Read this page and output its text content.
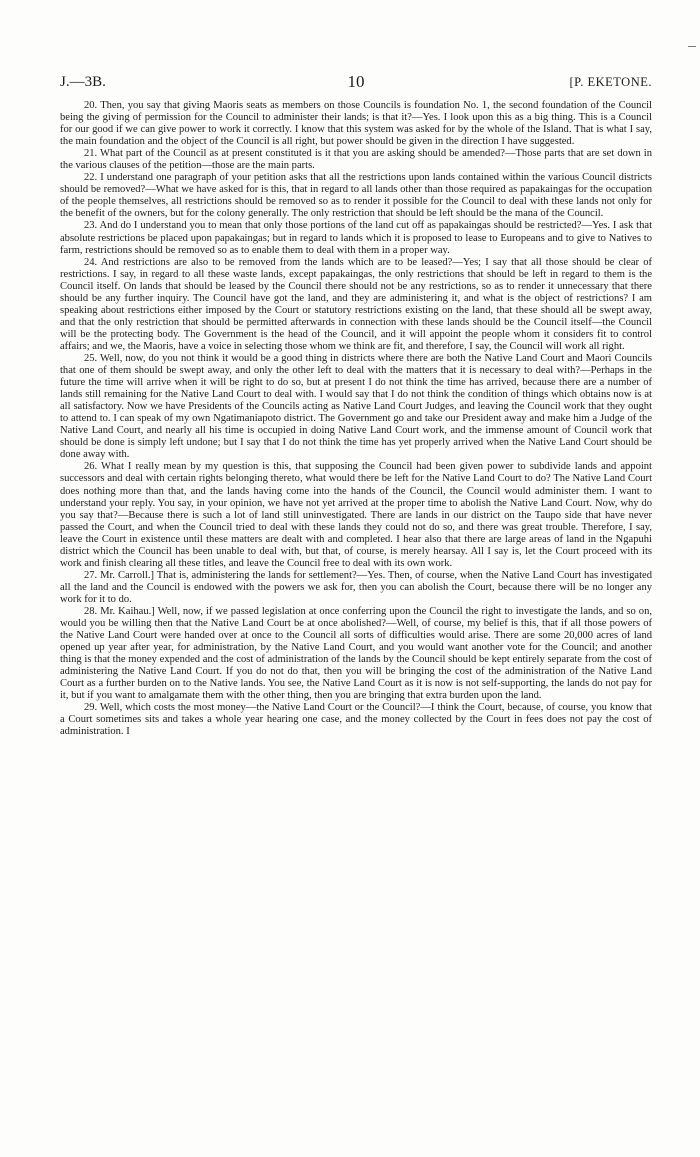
J.—3B.	10	[P. EKETONE.

20. Then, you say that giving Maoris seats as members on those Councils is foundation No. 1, the second foundation of the Council being the giving of permission for the Council to administer their lands; is that it?—Yes. I look upon this as a big thing. This is a Council for our good if we can give power to work it correctly. I know that this system was asked for by the whole of the Island. That is what I say, the main foundation and the object of the Council is all right, but power should be given in the direction I have suggested.

21. What part of the Council as at present constituted is it that you are asking should be amended?—Those parts that are set down in the various clauses of the petition—those are the main parts.

22. I understand one paragraph of your petition asks that all the restrictions upon lands contained within the various Council districts should be removed?—What we have asked for is this, that in regard to all lands other than those required as papakaingas for the occupation of the people themselves, all restrictions should be removed so as to render it possible for the Council to deal with these lands not only for the benefit of the owners, but for the colony generally. The only restriction that should be left should be the mana of the Council.

23. And do I understand you to mean that only those portions of the land cut off as papakaingas should be restricted?—Yes. I ask that absolute restrictions be placed upon papakaingas; but in regard to lands which it is proposed to lease to Europeans and to give to Natives to farm, restrictions should be removed so as to enable them to deal with them in a proper way.

24. And restrictions are also to be removed from the lands which are to be leased?—Yes; I say that all those should be clear of restrictions. I say, in regard to all these waste lands, except papakaingas, the only restrictions that should be left in regard to them is the Council itself. On lands that should be leased by the Council there should not be any restrictions, so as to render it unnecessary that there should be any further inquiry. The Council have got the land, and they are administering it, and what is the object of restrictions? I am speaking about restrictions either imposed by the Court or statutory restrictions existing on the land, that these should all be swept away, and that the only restriction that should be permitted afterwards in connection with these lands should be the Council itself—the Council will be the protecting body. The Government is the head of the Council, and it will appoint the people whom it considers fit to control affairs; and we, the Maoris, have a voice in selecting those whom we think are fit, and therefore, I say, the Council will work all right.

25. Well, now, do you not think it would be a good thing in districts where there are both the Native Land Court and Maori Councils that one of them should be swept away, and only the other left to deal with the matters that it is necessary to deal with?—Perhaps in the future the time will arrive when it will be right to do so, but at present I do not think the time has arrived, because there are a number of lands still remaining for the Native Land Court to deal with. I would say that I do not think the condition of things which obtains now is at all satisfactory. Now we have Presidents of the Councils acting as Native Land Court Judges, and leaving the Council work that they ought to attend to. I can speak of my own Ngatimaniapoto district. The Government go and take our President away and make him a Judge of the Native Land Court, and nearly all his time is occupied in doing Native Land Court work, and the immense amount of Council work that should be done is simply left undone; but I say that I do not think the time has yet properly arrived when the Native Land Court should be done away with.

26. What I really mean by my question is this, that supposing the Council had been given power to subdivide lands and appoint successors and deal with certain rights belonging thereto, what would there be left for the Native Land Court to do? The Native Land Court does nothing more than that, and the lands having come into the hands of the Council, the Council would administer them. I want to understand your reply. You say, in your opinion, we have not yet arrived at the proper time to abolish the Native Land Court. Now, why do you say that?—Because there is such a lot of land still uninvestigated. There are lands in our district on the Taupo side that have never passed the Court, and when the Council tried to deal with these lands they could not do so, and there was great trouble. Therefore, I say, leave the Court in existence until these matters are dealt with and completed. I hear also that there are large areas of land in the Ngapuhi district which the Council has been unable to deal with, but that, of course, is merely hearsay. All I say is, let the Court proceed with its work and finish clearing all these titles, and leave the Council free to deal with its own work.

27. Mr. Carroll.] That is, administering the lands for settlement?—Yes. Then, of course, when the Native Land Court has investigated all the land and the Council is endowed with the powers we ask for, then you can abolish the Court, because there will be no longer any work for it to do.

28. Mr. Kaihau.] Well, now, if we passed legislation at once conferring upon the Council the right to investigate the lands, and so on, would you be willing then that the Native Land Court be at once abolished?—Well, of course, my belief is this, that if all those powers of the Native Land Court were handed over at once to the Council all sorts of difficulties would arise. There are some 20,000 acres of land opened up year after year, for administration, by the Native Land Court, and you would want another vote for the Council; and another thing is that the money expended and the cost of administration of the lands by the Council should be kept entirely separate from the cost of administering the Native Land Court. If you do not do that, then you will be bringing the cost of the administration of the Native Land Court as a further burden on to the Native lands. You see, the Native Land Court as it is now is not self-supporting, the lands do not pay for it, but if you want to amalgamate them with the other thing, then you are bringing that extra burden upon the land.

29. Well, which costs the most money—the Native Land Court or the Council?—I think the Court, because, of course, you know that a Court sometimes sits and takes a whole year hearing one case, and the money collected by the Court in fees does not pay the cost of administration. I
